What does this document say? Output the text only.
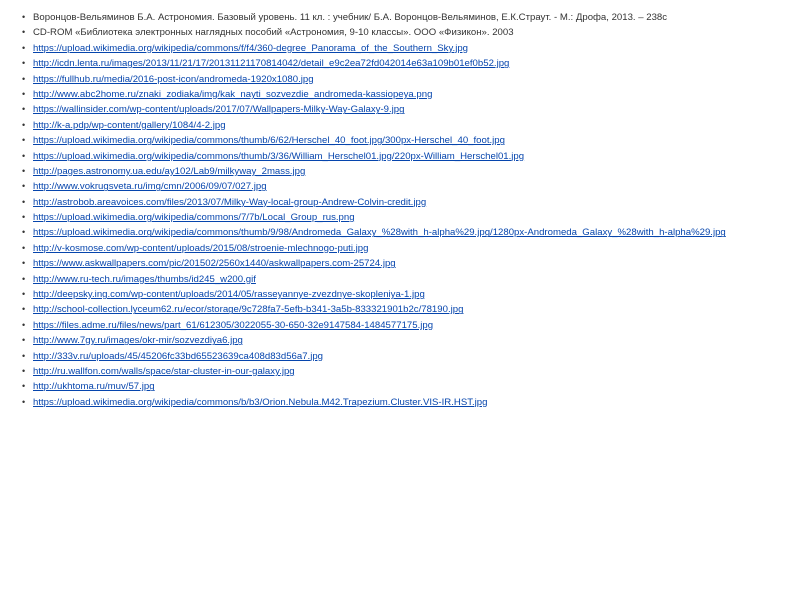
• Воронцов-Вельяминов Б.А. Астрономия. Базовый уровень. 11 кл. : учебник/ Б.А. Воронцов-Вельяминов, Е.К.Страут. - М.: Дрофа, 2013. – 238с
• CD-ROM «Библиотека электронных наглядных пособий «Астрономия, 9-10 классы». ООО «Физикон». 2003
• https://upload.wikimedia.org/wikipedia/commons/f/f4/360-degree_Panorama_of_the_Southern_Sky.jpg
• http://icdn.lenta.ru/images/2013/11/21/17/20131121170814042/detail_e9c2ea72fd042014e63a109b01ef0b52.jpg
• https://fullhub.ru/media/2016-post-icon/andromeda-1920x1080.jpg
• http://www.abc2home.ru/znaki_zodiaka/img/kak_nayti_sozvezdie_andromeda-kassiopeya.png
• https://wallinsider.com/wp-content/uploads/2017/07/Wallpapers-Milky-Way-Galaxy-9.jpg
• http://k-a.pdp/wp-content/gallery/1084/4-2.jpg
• https://upload.wikimedia.org/wikipedia/commons/thumb/6/62/Herschel_40_foot.jpg/300px-Herschel_40_foot.jpg
• https://upload.wikimedia.org/wikipedia/commons/thumb/3/36/William_Herschel01.jpg/220px-William_Herschel01.jpg
• http://pages.astronomy.ua.edu/ay102/Lab9/milkyway_2mass.jpg
• http://www.vokrugsveta.ru/img/cmn/2006/09/07/027.jpg
• http://astrobob.areavoices.com/files/2013/07/Milky-Way-local-group-Andrew-Colvin-credit.jpg
• https://upload.wikimedia.org/wikipedia/commons/7/7b/Local_Group_rus.png
• https://upload.wikimedia.org/wikipedia/commons/thumb/9/98/Andromeda_Galaxy_%28with_h-alpha%29.jpg/1280px-Andromeda_Galaxy_%28with_h-alpha%29.jpg
• http://v-kosmose.com/wp-content/uploads/2015/08/stroenie-mlechnogo-puti.jpg
• https://www.askwallpapers.com/pic/201502/2560x1440/askwallpapers.com-25724.jpg
• http://www.ru-tech.ru/images/thumbs/id245_w200.gif
• http://deepsky.ing.com/wp-content/uploads/2014/05/rasseyannye-zvezdnye-skopleniya-1.jpg
• http://school-collection.lyceum62.ru/ecor/storage/9c728fa7-5efb-b341-3a5b-833321901b2c/78190.jpg
• https://files.adme.ru/files/news/part_61/612305/3022055-30-650-32e9147584-1484577175.jpg
• http://www.7gy.ru/images/okr-mir/sozvezdiya6.jpg
• http://333v.ru/uploads/45/45206fc33bd65523639ca408d83d56a7.jpg
• http://ru.wallfon.com/walls/space/star-cluster-in-our-galaxy.jpg
• http://ukhtoma.ru/muv/57.jpg
• https://upload.wikimedia.org/wikipedia/commons/b/b3/Orion.Nebula.M42.Trapezium.Cluster.VIS-IR.HST.jpg
